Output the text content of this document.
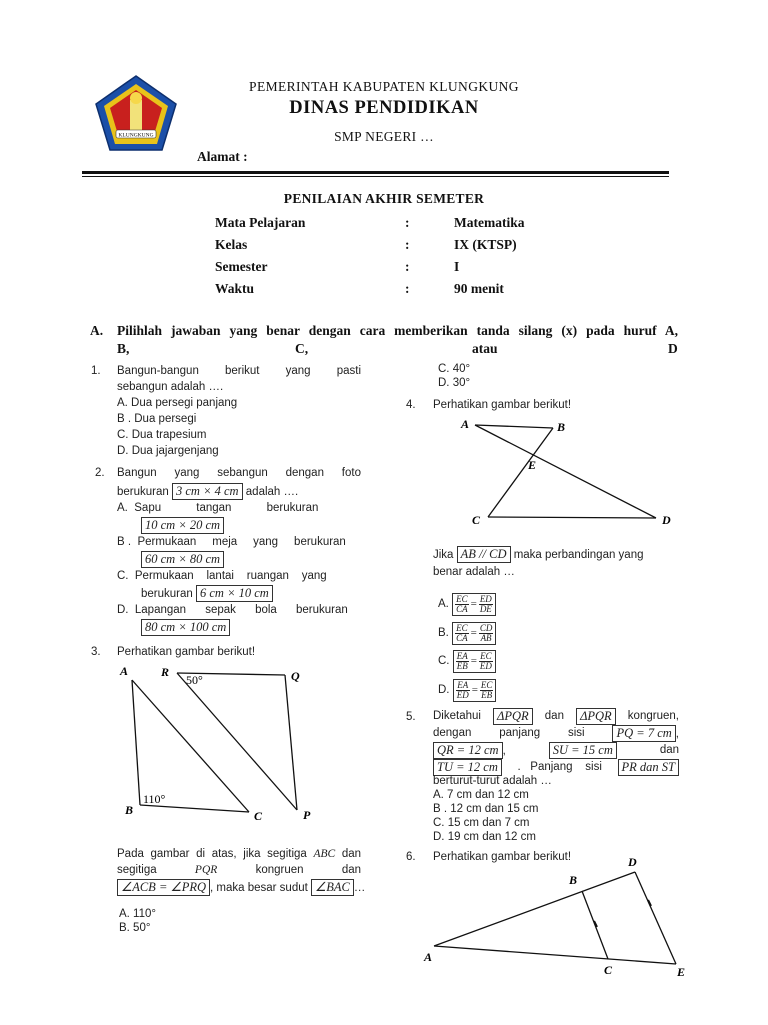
KLUNGKUNG
PEMERINTAH KABUPATEN KLUNGKUNG
DINAS PENDIDIKAN
SMP NEGERI …
Alamat :
PENILAIAN AKHIR SEMETER
Mata Pelajaran	:	Matematika
Kelas	:	IX (KTSP)
Semester	:	I
Waktu	:	90 menit
A. Pilihlah jawaban yang benar dengan cara memberikan tanda silang (x) pada huruf A,
B,	C,	atau	D
1. Bangun-bangun berikut yang pasti
sebangun adalah ….
A. Dua persegi panjang
B . Dua persegi
C. Dua trapesium
D. Dua jajargenjang
2. Bangun yang sebangun dengan foto
berukuran 3 cm × 4 cm adalah ….
A.  Sapu           tangan           berukuran
10 cm × 20 cm
B .  Permukaan     meja     yang     berukuran
60 cm × 80 cm
C.  Permukaan    lantai    ruangan    yang
berukuran 6 cm × 10 cm
D.  Lapangan      sepak      bola      berukuran
80 cm × 100 cm
3. Perhatikan gambar berikut!
A
B	C
R	Q
P
50°
110°
Pada gambar di atas, jika segitiga ABC dan
segitiga	PQR	kongruen	dan
∠ACB = ∠PRQ , maka besar sudut ∠BAC …
A. 110°
B. 50°
C. 40°
D. 30°
4. Perhatikan gambar berikut!
A	B
E
C	D
Jika AB // CD maka perbandingan yang
benar adalah …
A. $\frac{EC}{CA} = \frac{ED}{DE}$
B. $\frac{EC}{CA} = \frac{CD}{AB}$
C. $\frac{EA}{EB} = \frac{EC}{ED}$
D. $\frac{EA}{ED} = \frac{EC}{EB}$
5. Diketahui	ΔPQR	dan	ΔPQR	kongruen,
dengan panjang sisi	PQ = 7 cm ,
QR = 12 cm ,	SU = 15 cm	dan
TU = 12 cm	.   Panjang    sisi	PR dan ST
berturut-turut adalah …
A. 7 cm dan 12 cm
B . 12 cm dan 15 cm
C. 15 cm dan 7 cm
D. 19 cm dan 12 cm
6. Perhatikan gambar berikut!	D
B
A
C	E
